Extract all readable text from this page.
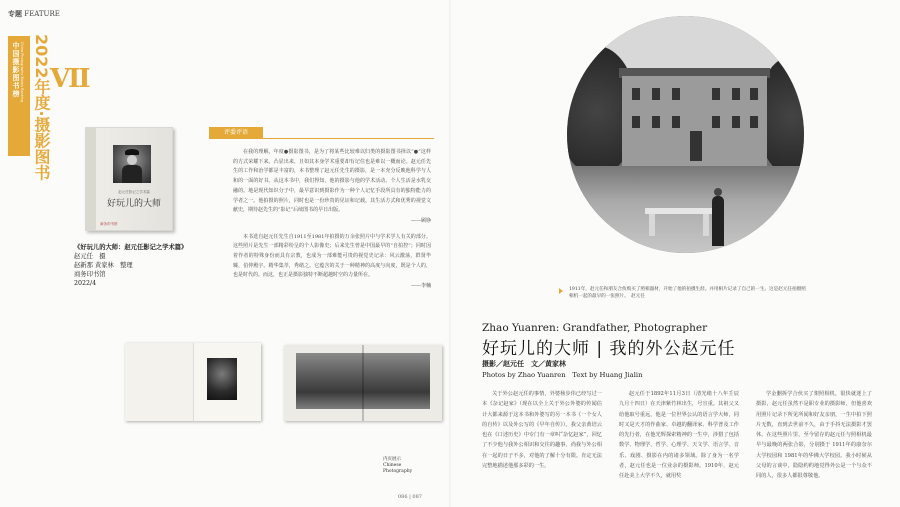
专题 FEATURE
中国摄影图书榜 China Photography Books Ranking 2022年度·摄影图书 VII
赵元任影记之学术篇
好玩儿的大师
商务印书馆
《好玩儿的大师：赵元任影记之学术篇》
赵元任　摄
赵新那 黄家林　整理
商务印书馆
2022/4
评委评语

在我的理解，年度●摄影图书，是为了将某些比较难以归类的摄影图书择以“●”这样的方式荣耀下来。凸显出来，且如其本身学术重要却有记住也是难以一概而论。赵元任先生的工作和治学都是丰富的，本书整理了赵元任先生的摄影，是一本充分反映他科学与人和的一面的好书。从这本书中，我们得知，他的摄影与他的学术活动、个人生活是水乳交融的。地是现代知识分子中，最早意识到摄影作为一种个人记忆手段所具有的独特能力的学者之一。他拍摄的照片，同时也是一份珍贵的见证和记载。其生活方式和优秀的视觉文献史，期待赵先生的“影记”后续图书的早日出版。

——顾铮

本书选自赵元任先生自1911至1981年拍摄的万余张照片中与学术学人有关的部分。这些照片是先生一部精彩纷呈的个人影像史；后来先生曾是中国最早的“自拍控”；同时因着作者的特殊身份而具有宗教，也成为一部难能可贵的视觉史记录：风云激荡，群贤毕臻，伯仲殿宇。精华集萃，秀绪之。它蕴含的关于一种精神的高度与向度，既是个人的，也是时代的。而这，也正是摄影独特不断超越时空的力量所在。

——李楠
内页展示
Chinese
Photography
086 | 087
1911年，赵元任和朋友合伙购买了照相器材，开始了他的拍摄生涯。并用相片记录了自己的一生。这是赵元任拍摄照相机一起的最早的一张照片。　赵元任
Zhao Yuanren: Grandfather, Photographer
好玩儿的大师 | 我的外公赵元任
摄影／赵元任　文／黄家林
Photos by Zhao Yuanren　Text by Huang Jialin

关于外公赵元任的事情，外婆杨步伟已经写过一本《杂记赵家》（现在以全上关于外公外婆的传闻估计大都来源于这本书和外婆写的另一本书《一个女人的自传》以及外公写的《早年自传》）。我父亲黄培云也在《口述历史》中专门有一章叫“杂忆赵家”，回忆了不少他与我外公相识和交往的趣事，尚我与外公相在一起的日子不多，对他的了解十分有限。肯定无法完整地描述他那多彩的一生。

赵元任于1892年11月3日（清光绪十八年壬辰九月十四日）在天津紫竹林出生，号宣重。其祖父又给他取号重远，他是一位世界公认的语言学大师，同时又是天才的作曲家、卓越的翻译家、科学普及工作的先行者，在他光辉探索精神的一生中，涉猎了包括数学、物理学、哲学、心理学、天文学、语言学、音乐、戏剧、摄影在内的诸多领域。除了身为一名学者，赵元任也是一位业余的摄影师。1910年，赵元任赴美上大学不久，就用奖

学金删拆学合伙买了架照相机，很快就迷上了摄影，赵元任虽然不是职专业的摄影师，但他喜欢用照片记录下所见所闻和好友亲朋，一生中拍下照片无数，直到去世前不久，由于手抖无法摄影才罢休。在这些照片里，至今留存的赵元任与照相机最早与最晚的两张合影，分别摄于 1911年的康奈尔大学校园和 1981年的华佛大学校园。我小时候从父母的言谈中，隐隐约约地觉得外公是一个与众不同的人，很多人都很尊敬他。
